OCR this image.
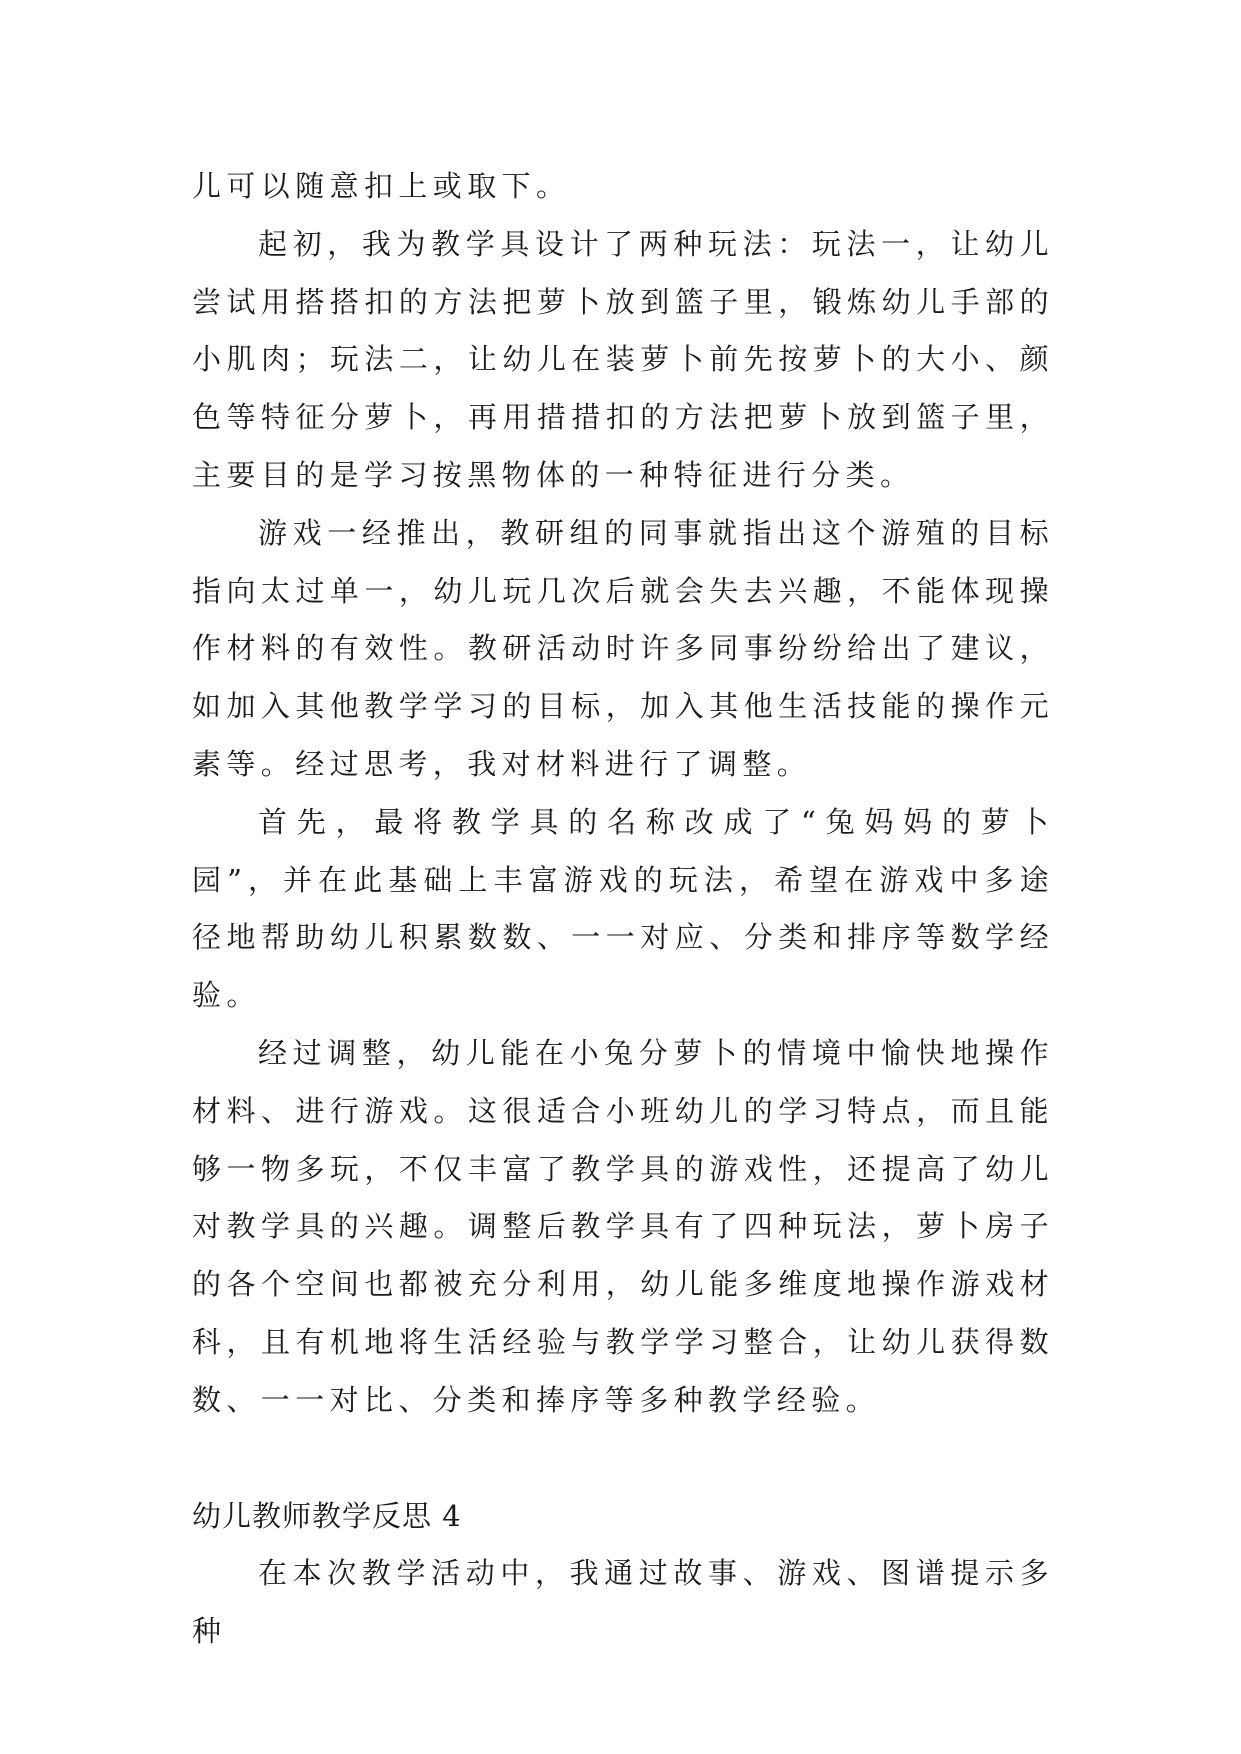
儿可以随意扣上或取下。

起初，我为教学具设计了两种玩法：玩法一，让幼儿尝试用搭搭扣的方法把萝卜放到篮子里，锻炼幼儿手部的小肌肉；玩法二，让幼儿在装萝卜前先按萝卜的大小、颜色等特征分萝卜，再用措措扣的方法把萝卜放到篮子里，主要目的是学习按黑物体的一种特征进行分类。

游戏一经推出，教研组的同事就指出这个游殖的目标指向太过单一，幼儿玩几次后就会失去兴趣，不能体现操作材料的有效性。教研活动时许多同事纷纷给出了建议，如加入其他教学学习的目标，加入其他生活技能的操作元素等。经过思考，我对材料进行了调整。

首先，最将教学具的名称改成了“兔妈妈的萝卜园”，并在此基础上丰富游戏的玩法，希望在游戏中多途径地帮助幼儿积累数数、一一对应、分类和排序等数学经验。

经过调整，幼儿能在小兔分萝卜的情境中愉快地操作材料、进行游戏。这很适合小班幼儿的学习特点，而且能够一物多玩，不仅丰富了教学具的游戏性，还提高了幼儿对教学具的兴趣。调整后教学具有了四种玩法，萝卜房子的各个空间也都被充分利用，幼儿能多维度地操作游戏材科，且有机地将生活经验与教学学习整合，让幼儿获得数数、一一对比、分类和捧序等多种教学经验。

幼儿教师教学反思 4

在本次教学活动中，我通过故事、游戏、图谱提示多种
